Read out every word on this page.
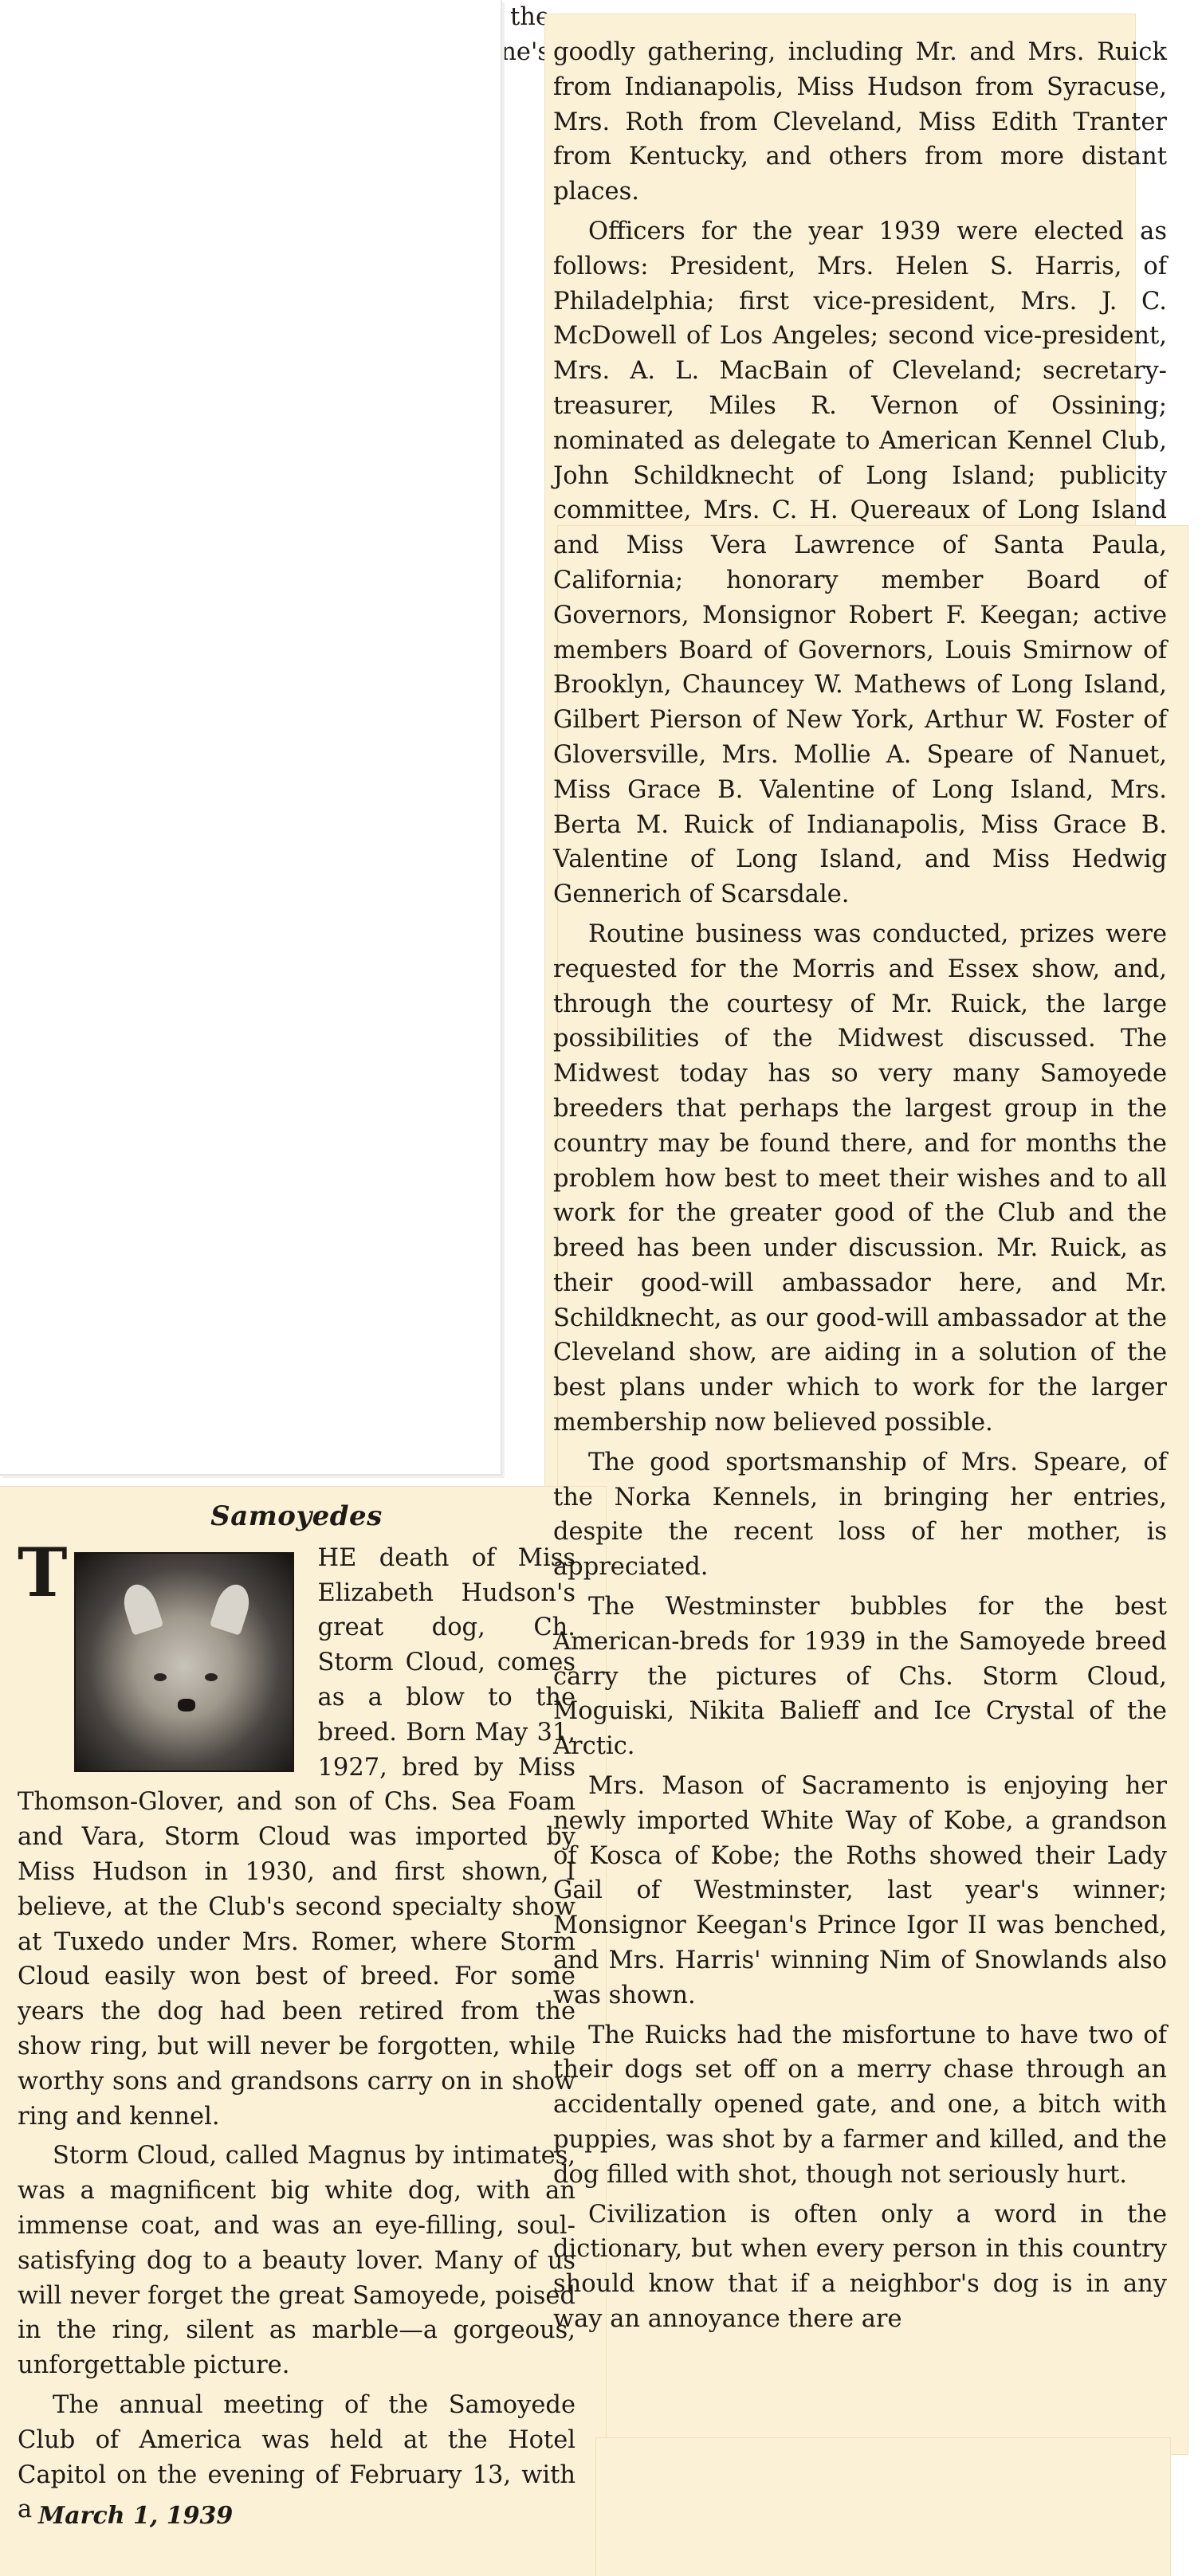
goodly gathering, including Mr. and Mrs. Ruick from Indianapolis, Miss Hudson from Syracuse, Mrs. Roth from Cleveland, Miss Edith Tranter from Kentucky, and others from more distant places.

Officers for the year 1939 were elected as follows: President, Mrs. Helen S. Harris, of Philadelphia; first vice-president, Mrs. J. C. McDowell of Los Angeles; second vice-president, Mrs. A. L. MacBain of Cleveland; secretary-treasurer, Miles R. Vernon of Ossining; nominated as delegate to American Kennel Club, John Schildknecht of Long Island; publicity committee, Mrs. C. H. Quereaux of Long Island and Miss Vera Lawrence of Santa Paula, California; honorary member Board of Governors, Monsignor Robert F. Keegan; active members Board of Governors, Louis Smirnow of Brooklyn, Chauncey W. Mathews of Long Island, Gilbert Pierson of New York, Arthur W. Foster of Gloversville, Mrs. Mollie A. Speare of Nanuet, Miss Grace B. Valentine of Long Island, Mrs. Berta M. Ruick of Indianapolis, Miss Grace B. Valentine of Long Island, and Miss Hedwig Gennerich of Scarsdale.

Routine business was conducted, prizes were requested for the Morris and Essex show, and, through the courtesy of Mr. Ruick, the large possibilities of the Midwest discussed. The Midwest today has so very many Samoyede breeders that perhaps the largest group in the country may be found there, and for months the problem how best to meet their wishes and to all work for the greater good of the Club and the breed has been under discussion. Mr. Ruick, as their good-will ambassador here, and Mr. Schildknecht, as our good-will ambassador at the Cleveland show, are aiding in a solution of the best plans under which to work for the larger membership now believed possible.

The good sportsmanship of Mrs. Speare, of the Norka Kennels, in bringing her entries, despite the recent loss of her mother, is appreciated.

The Westminster bubbles for the best American-breds for 1939 in the Samoyede breed carry the pictures of Chs. Storm Cloud, Moguiski, Nikita Balieff and Ice Crystal of the Arctic.

Mrs. Mason of Sacramento is enjoying her newly imported White Way of Kobe, a grandson of Kosca of Kobe; the Roths showed their Lady Gail of Westminster, last year's winner; Monsignor Keegan's Prince Igor II was benched, and Mrs. Harris' winning Nim of Snowlands also was shown.

The Ruicks had the misfortune to have two of their dogs set off on a merry chase through an accidentally opened gate, and one, a bitch with puppies, was shot by a farmer and killed, and the dog filled with shot, though not seriously hurt.

Civilization is often only a word in the dictionary, but when every person in this country should know that if a neighbor's dog is in any way an annoyance there are

the one's
Samoyedes

T	HE death of Miss Elizabeth Hudson's great dog, Ch. Storm Cloud, comes as a blow to the breed. Born May 31, 1927, bred by Miss Thomson-Glover, and son of Chs. Sea Foam and Vara, Storm Cloud was imported by Miss Hudson in 1930, and first shown, I believe, at the Club's second specialty show at Tuxedo under Mrs. Romer, where Storm Cloud easily won best of breed. For some years the dog had been retired from the show ring, but will never be forgotten, while worthy sons and grandsons carry on in show ring and kennel.

Storm Cloud, called Magnus by intimates, was a magnificent big white dog, with an immense coat, and was an eye-filling, soul-satisfying dog to a beauty lover. Many of us will never forget the great Samoyede, poised in the ring, silent as marble—a gorgeous, unforgettable picture.

The annual meeting of the Samoyede Club of America was held at the Hotel Capitol on the evening of February 13, with a March 1, 1939
